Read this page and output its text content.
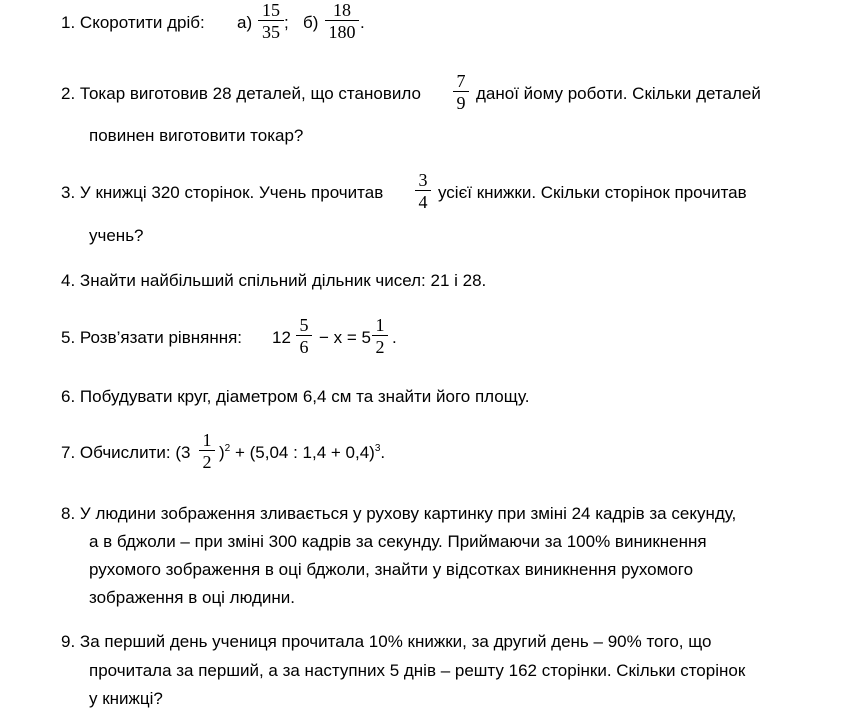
1. Скоротити дріб: а)
15
35 ; б)
18
180 .
2. Токар виготовив 28 деталей, що становило
7
9 даної йому роботи. Скільки деталей
повинен виготовити токар?
3. У книжці 320 сторінок. Учень прочитав
3
4 усієї книжки. Скільки сторінок прочитав
учень?
4. Знайти найбільший спільний дільник чисел: 21 і 28.
5. Розв’язати рівняння: 12
5
6 − х = 5
1
2 .
6. Побудувати круг, діаметром 6,4 см та знайти його площу.
7. Обчислити: (3
1
2 )$^2$ + (5,04 : 1,4 + 0,4)$^3$.
8. У людини зображення зливається у рухову картинку при зміні 24 кадрів за секунду,
а в бджоли – при зміні 300 кадрів за секунду. Приймаючи за 100% виникнення
рухомого зображення в оці бджоли, знайти у відсотках виникнення рухомого
зображення в оці людини.
9. За перший день учениця прочитала 10% книжки, за другий день – 90% того, що
прочитала за перший, а за наступних 5 днів – решту 162 сторінки. Скільки сторінок
у книжці?
